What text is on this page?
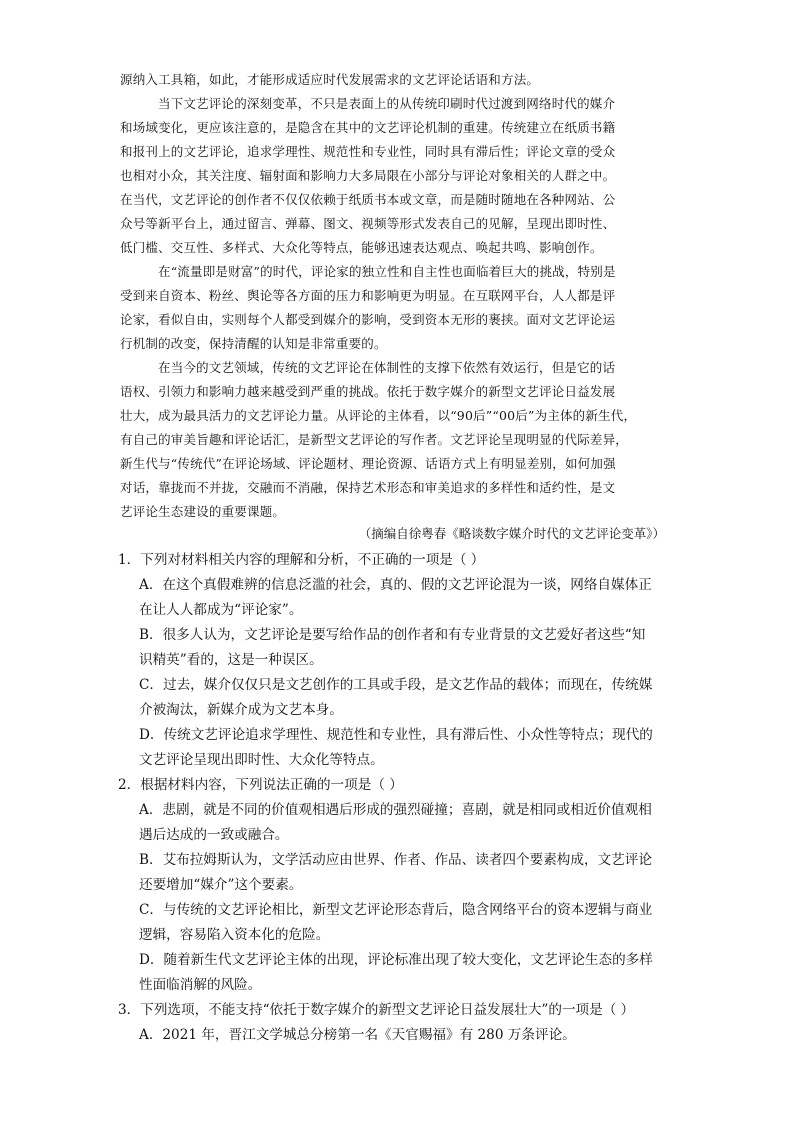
源纳入工具箱，如此，才能形成适应时代发展需求的文艺评论话语和方法。
当下文艺评论的深刻变革，不只是表面上的从传统印刷时代过渡到网络时代的媒介
和场域变化，更应该注意的，是隐含在其中的文艺评论机制的重建。传统建立在纸质书籍
和报刊上的文艺评论，追求学理性、规范性和专业性，同时具有滞后性；评论文章的受众
也相对小众，其关注度、辐射面和影响力大多局限在小部分与评论对象相关的人群之中。
在当代，文艺评论的创作者不仅仅依赖于纸质书本或文章，而是随时随地在各种网站、公
众号等新平台上，通过留言、弹幕、图文、视频等形式发表自己的见解，呈现出即时性、
低门槛、交互性、多样式、大众化等特点，能够迅速表达观点、唤起共鸣、影响创作。
在“流量即是财富”的时代，评论家的独立性和自主性也面临着巨大的挑战，特别是
受到来自资本、粉丝、舆论等各方面的压力和影响更为明显。在互联网平台，人人都是评
论家，看似自由，实则每个人都受到媒介的影响，受到资本无形的裹挟。面对文艺评论运
行机制的改变，保持清醒的认知是非常重要的。
在当今的文艺领域，传统的文艺评论在体制性的支撑下依然有效运行，但是它的话
语权、引领力和影响力越来越受到严重的挑战。依托于数字媒介的新型文艺评论日益发展
壮大，成为最具活力的文艺评论力量。从评论的主体看，以“90后”“00后”为主体的新生代，
有自己的审美旨趣和评论话汇，是新型文艺评论的写作者。文艺评论呈现明显的代际差异，
新生代与“传统代”在评论场域、评论题材、理论资源、话语方式上有明显差别，如何加强
对话，靠拢而不并拢，交融而不消融，保持艺术形态和审美追求的多样性和适约性，是文
艺评论生态建设的重要课题。
（摘编自徐粤春《略谈数字媒介时代的文艺评论变革》）
1．下列对材料相关内容的理解和分析，不正确的一项是（ ）
A．在这个真假难辨的信息泛滥的社会，真的、假的文艺评论混为一谈，网络自媒体正
在让人人都成为“评论家”。
B．很多人认为，文艺评论是要写给作品的创作者和有专业背景的文艺爱好者这些“知
识精英”看的，这是一种误区。
C．过去，媒介仅仅只是文艺创作的工具或手段，是文艺作品的载体；而现在，传统媒
介被淘汰，新媒介成为文艺本身。
D．传统文艺评论追求学理性、规范性和专业性，具有滞后性、小众性等特点；现代的
文艺评论呈现出即时性、大众化等特点。
2．根据材料内容，下列说法正确的一项是（ ）
A．悲剧，就是不同的价值观相遇后形成的强烈碰撞；喜剧，就是相同或相近价值观相
遇后达成的一致或融合。
B．艾布拉姆斯认为，文学活动应由世界、作者、作品、读者四个要素构成，文艺评论
还要增加“媒介”这个要素。
C．与传统的文艺评论相比，新型文艺评论形态背后，隐含网络平台的资本逻辑与商业
逻辑，容易陷入资本化的危险。
D．随着新生代文艺评论主体的出现，评论标准出现了较大变化，文艺评论生态的多样
性面临消解的风险。
3．下列选项，不能支持“依托于数字媒介的新型文艺评论日益发展壮大”的一项是（ ）
A．2021 年，晋江文学城总分榜第一名《天官赐福》有 280 万条评论。
